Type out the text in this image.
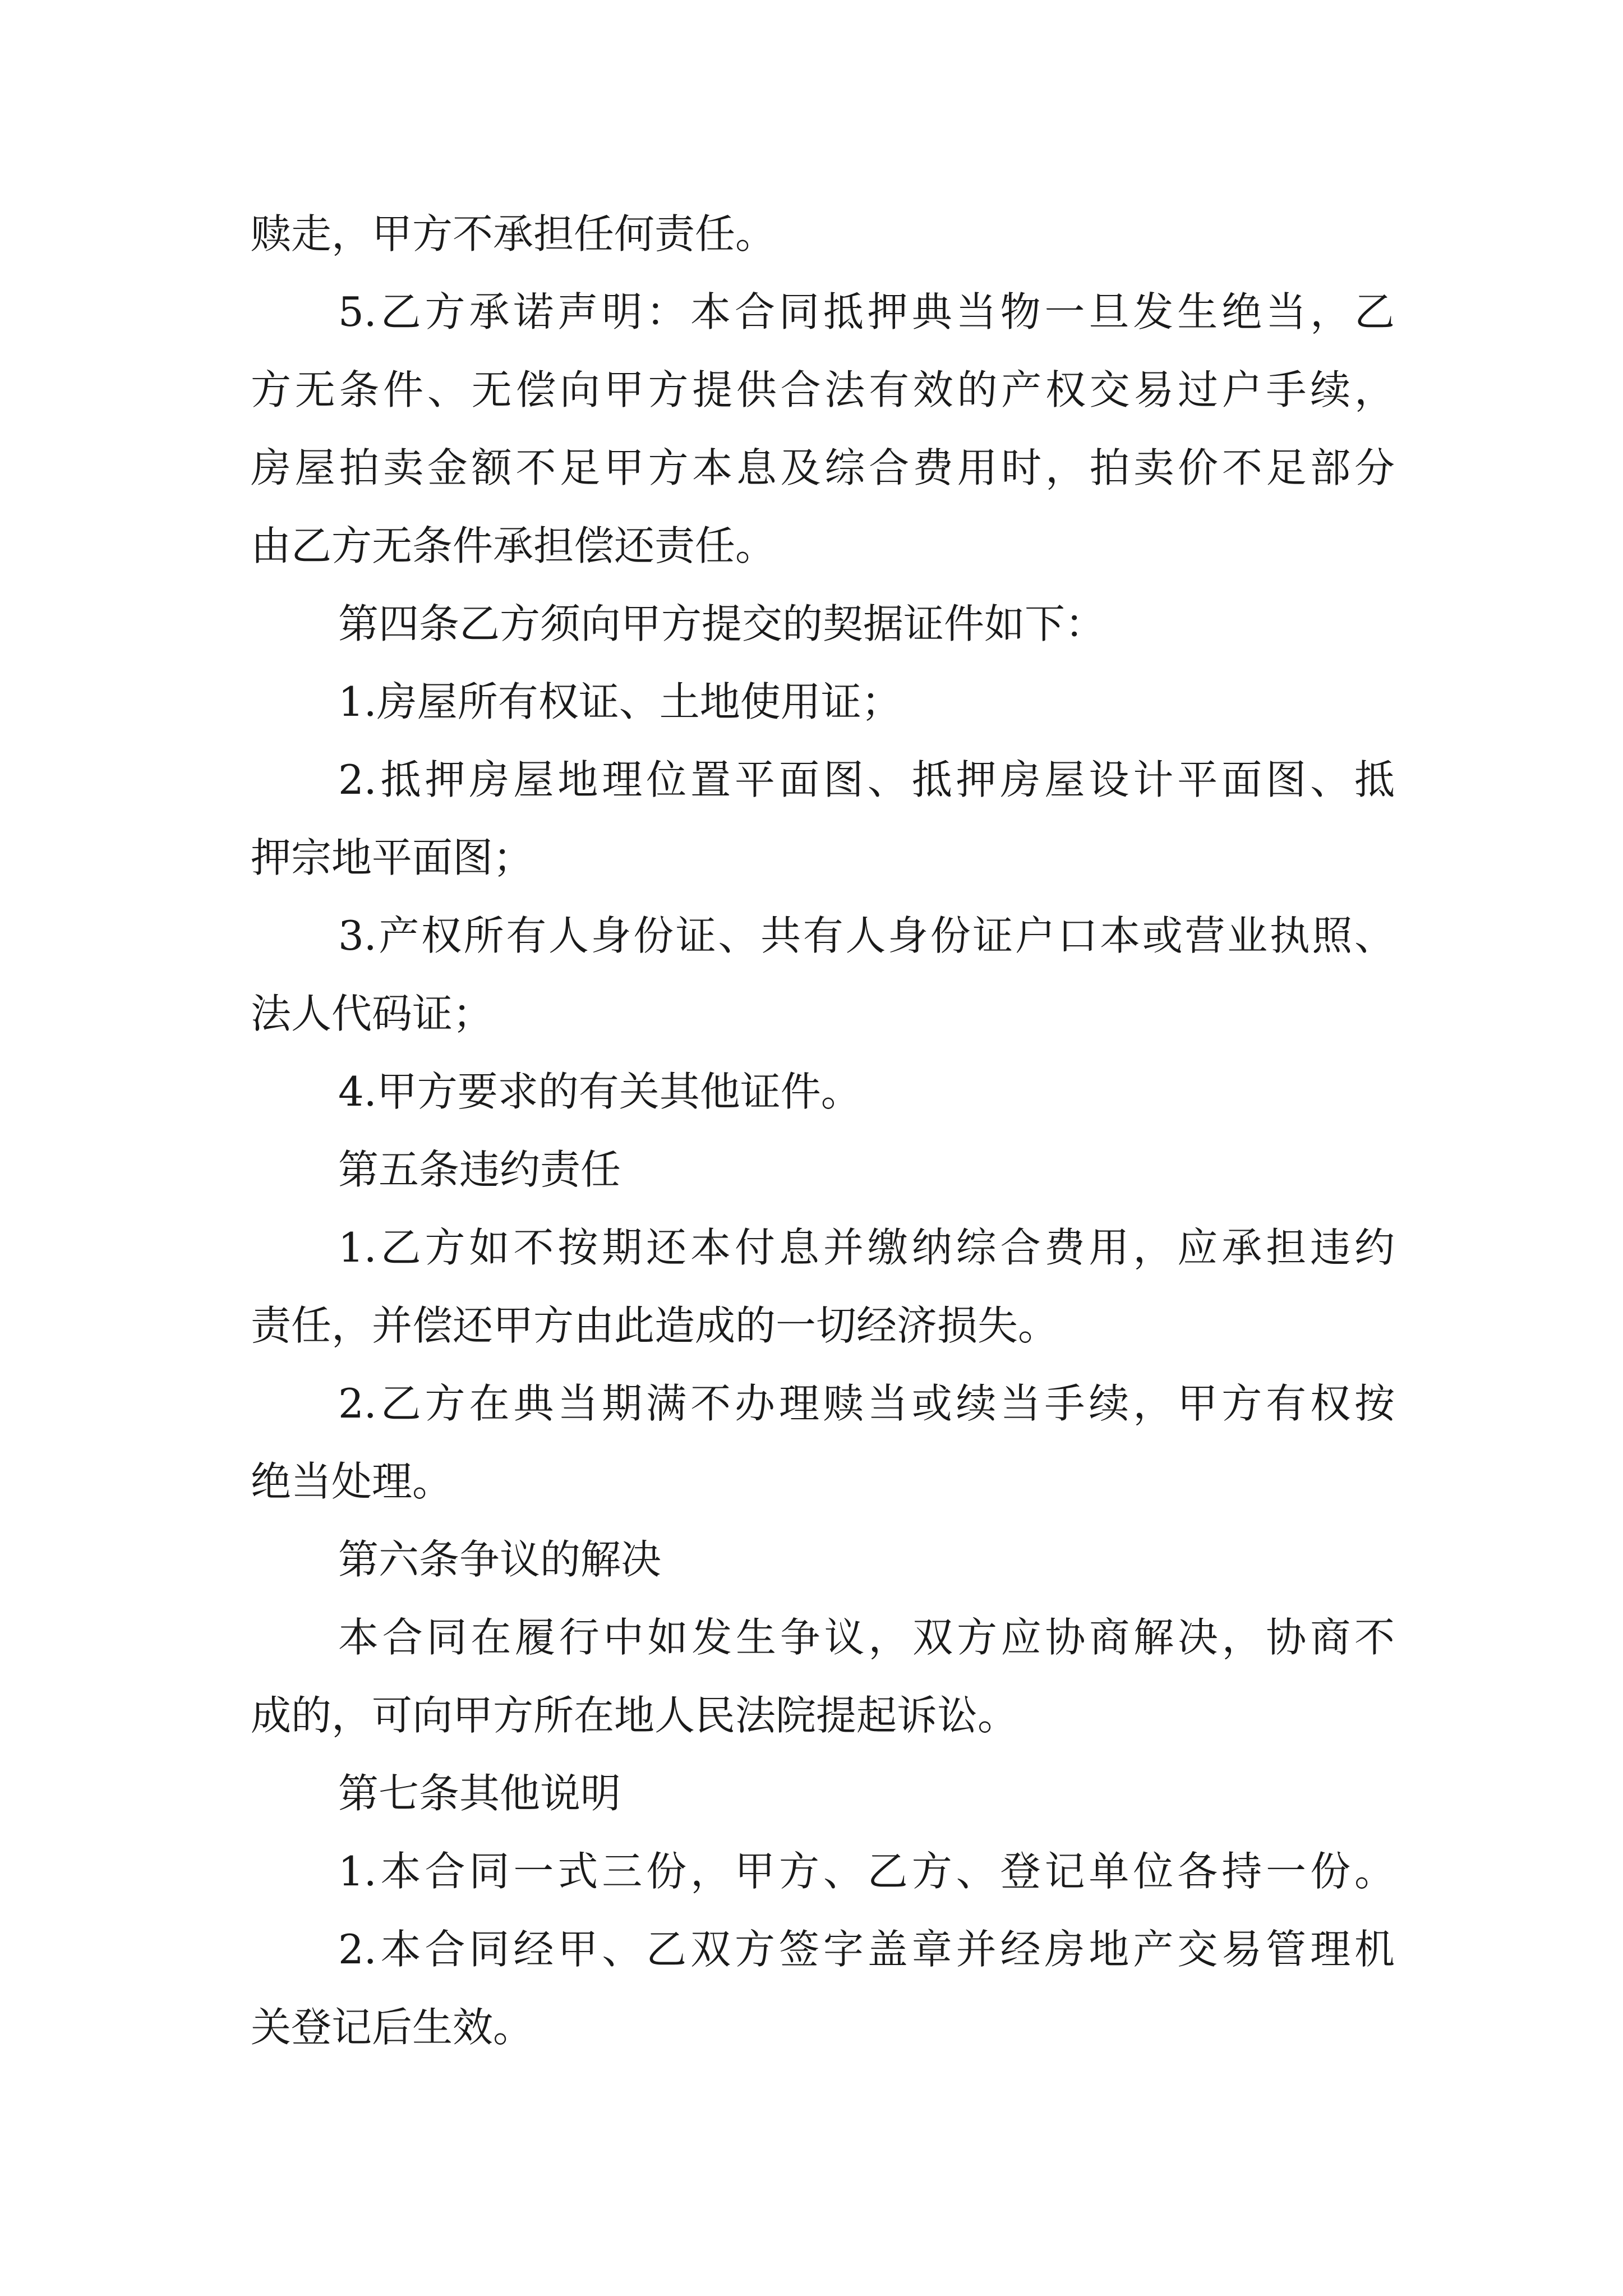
赎走，甲方不承担任何责任。
5.乙方承诺声明：本合同抵押典当物一旦发生绝当，乙
方无条件、无偿向甲方提供合法有效的产权交易过户手续，
房屋拍卖金额不足甲方本息及综合费用时，拍卖价不足部分
由乙方无条件承担偿还责任。
第四条乙方须向甲方提交的契据证件如下：
1.房屋所有权证、土地使用证；
2.抵押房屋地理位置平面图、抵押房屋设计平面图、抵
押宗地平面图；
3.产权所有人身份证、共有人身份证户口本或营业执照、
法人代码证；
4.甲方要求的有关其他证件。
第五条违约责任
1.乙方如不按期还本付息并缴纳综合费用，应承担违约
责任，并偿还甲方由此造成的一切经济损失。
2.乙方在典当期满不办理赎当或续当手续，甲方有权按
绝当处理。
第六条争议的解决
本合同在履行中如发生争议，双方应协商解决，协商不
成的，可向甲方所在地人民法院提起诉讼。
第七条其他说明
1.本合同一式三份，甲方、乙方、登记单位各持一份。
2.本合同经甲、乙双方签字盖章并经房地产交易管理机
关登记后生效。
